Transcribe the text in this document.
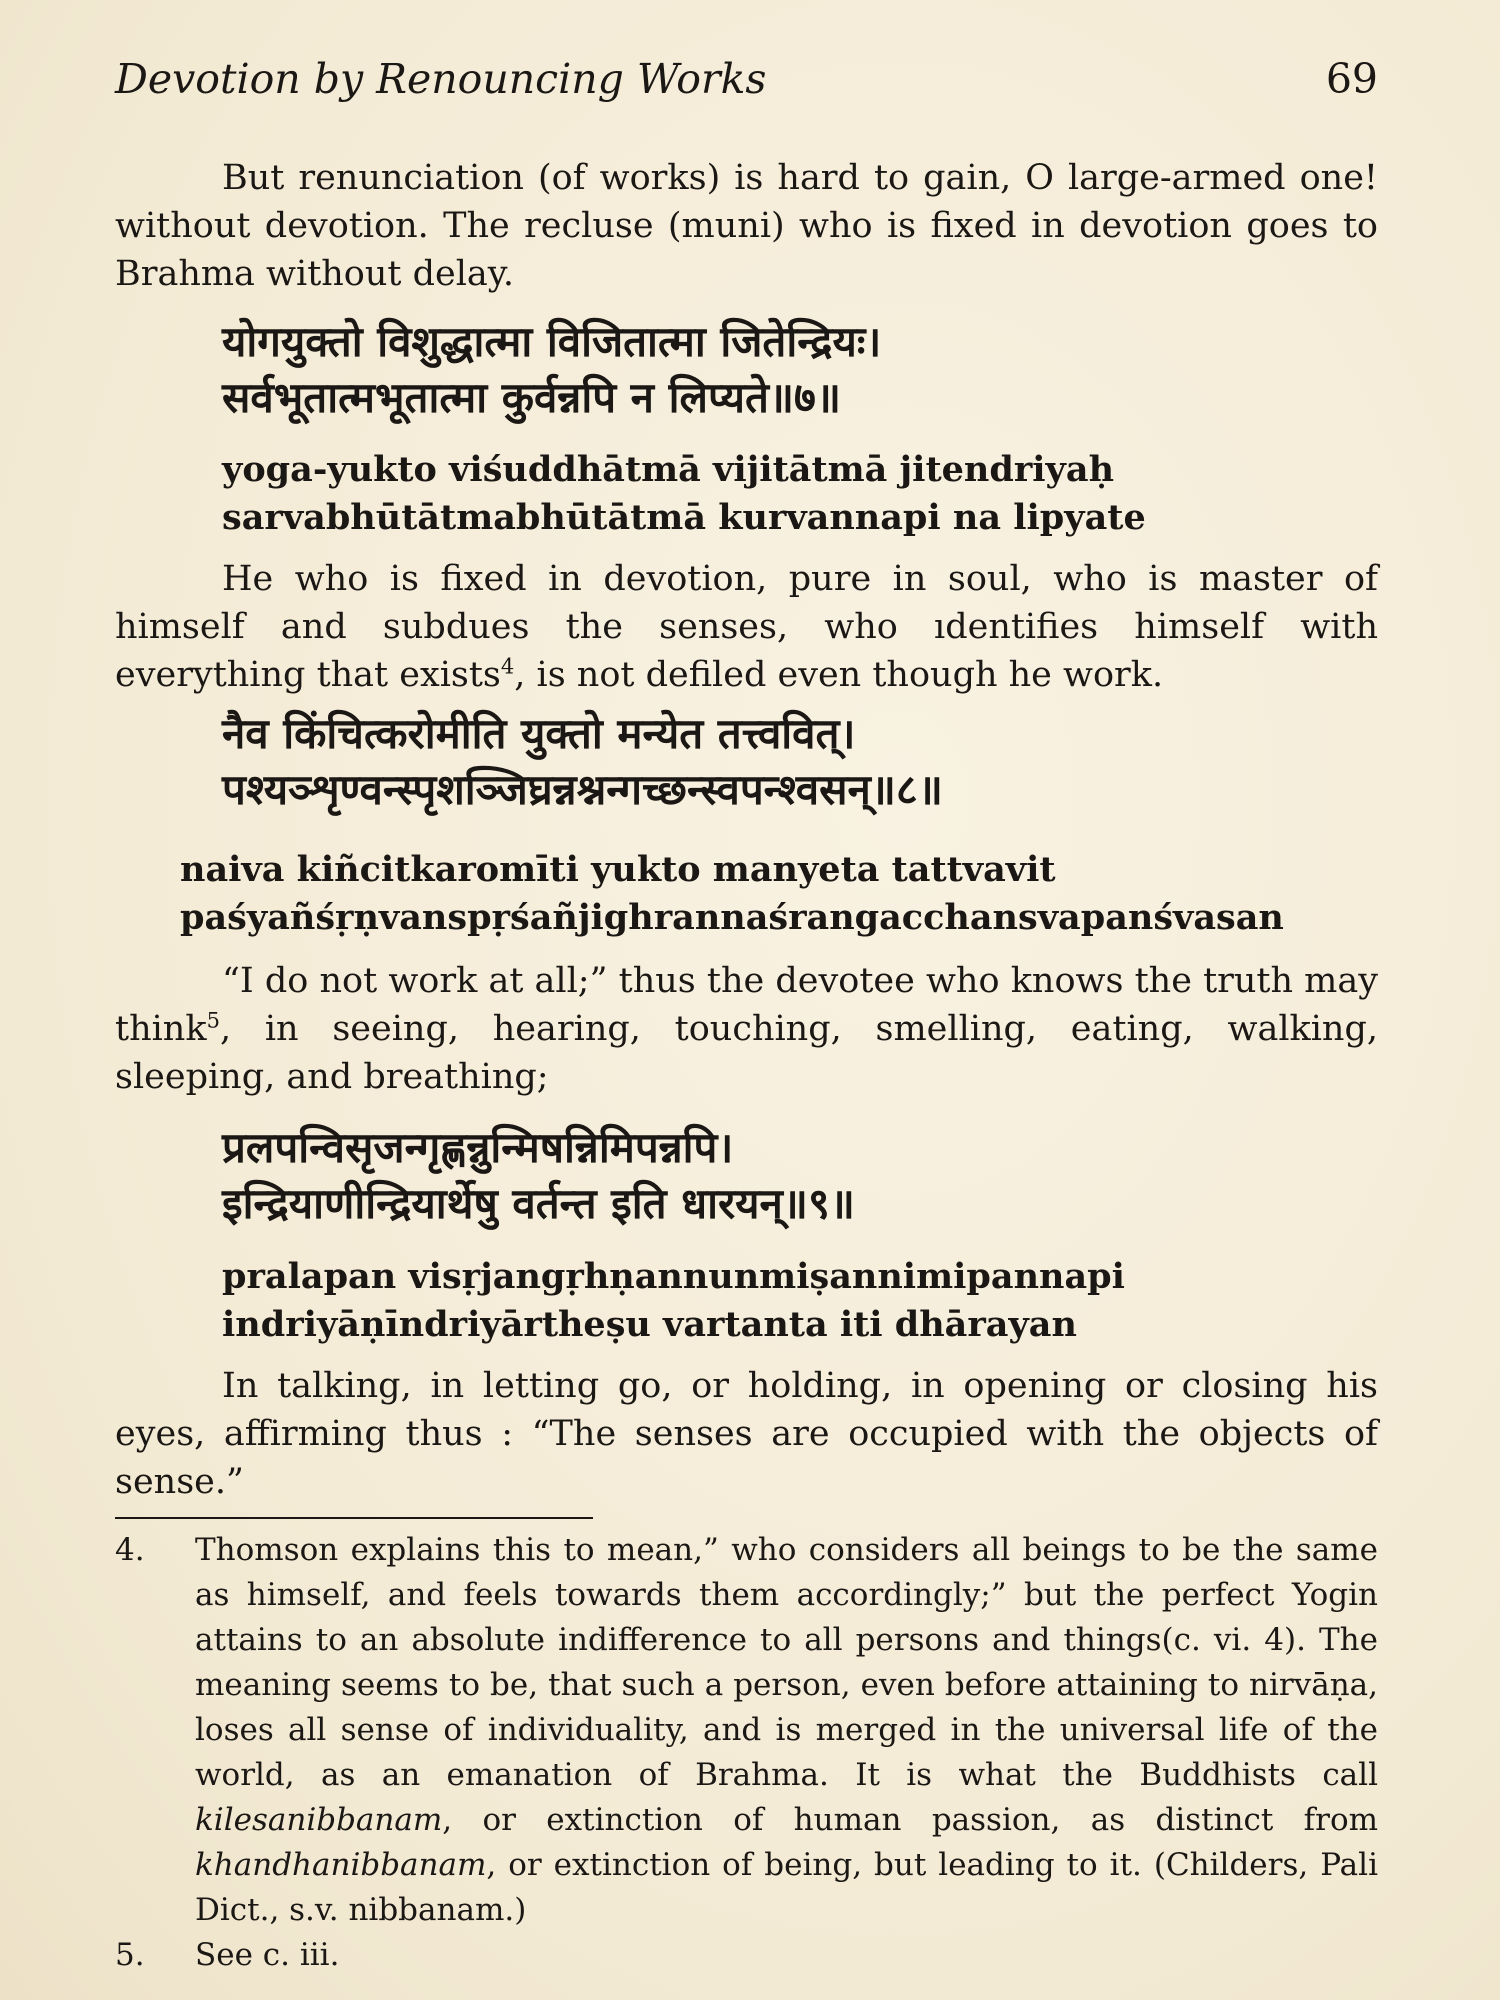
Devotion by Renouncing Works	69

But renunciation (of works) is hard to gain, O large-armed one! without devotion. The recluse (muni) who is fixed in devotion goes to Brahma without delay.

योगयुक्तो विशुद्धात्मा विजितात्मा जितेन्द्रियः।

सर्वभूतात्मभूतात्मा कुर्वन्नपि न लिप्यते॥७॥

yoga-yukto viśuddhātmā vijitātmā jitendriyaḥ

sarvabhūtātmabhūtātmā kurvannapi na lipyate

He who is fixed in devotion, pure in soul, who is master of himself and subdues the senses, who ıdentifies himself with everything that exists$^4$, is not defiled even though he work.

नैव किंचित्करोमीति युक्तो मन्येत तत्त्ववित्।

पश्यञ्शृण्वन्स्पृशञ्जिघ्रन्नश्नन्गच्छन्स्वपन्श्वसन्॥८॥

naiva kiñcitkaromīti yukto manyeta tattvavit

paśyañśṛṇvanspṛśañjighrannaśrangacchansvapanśvasan

“I do not work at all;” thus the devotee who knows the truth may think$^5$, in seeing, hearing, touching, smelling, eating, walking, sleeping, and breathing;

प्रलपन्विसृजन्गृह्णन्नुन्मिषन्निमिपन्नपि।

इन्द्रियाणीन्द्रियार्थेषु वर्तन्त इति धारयन्॥९॥

pralapan visṛjangṛhṇannunmiṣannimipannapi

indriyāṇīndriyārtheṣu vartanta iti dhārayan

In talking, in letting go, or holding, in opening or closing his eyes, affirming thus : “The senses are occupied with the objects of sense.”

4. Thomson explains this to mean,” who considers all beings to be the same as himself, and feels towards them accordingly;” but the perfect Yogin attains to an absolute indifference to all persons and things(c. vi. 4). The meaning seems to be, that such a person, even before attaining to nirvāṇa, loses all sense of individuality, and is merged in the universal life of the world, as an emanation of Brahma. It is what the Buddhists call kilesanibbanam, or extinction of human passion, as distinct from khandhanibbanam, or extinction of being, but leading to it. (Childers, Pali Dict., s.v. nibbanam.)
5. See c. iii.
